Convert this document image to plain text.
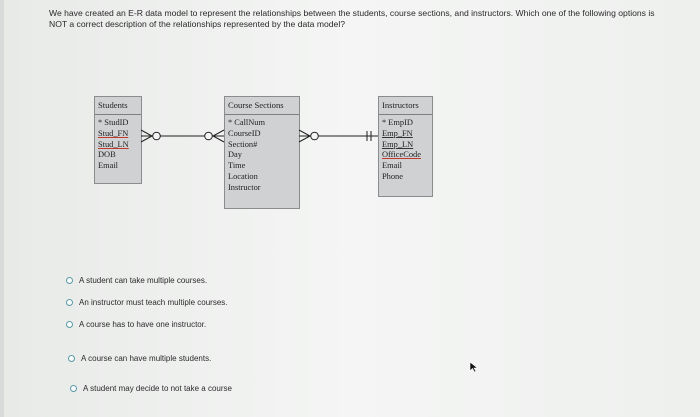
We have created an E-R data model to represent the relationships between the students, course sections, and instructors. Which one of the following options is NOT a correct description of the relationships represented by the data model?
Students
* StudID
Stud_FN
Stud_LN
DOB
Email
Course Sections
* CallNum
CourseID
Section#
Day
Time
Location
Instructor
Instructors
* EmpID
Emp_FN
Emp_LN
OfficeCode
Email
Phone
A student can take multiple courses.
An instructor must teach multiple courses.
A course has to have one instructor.
A course can have multiple students.
A student may decide to not take a course
